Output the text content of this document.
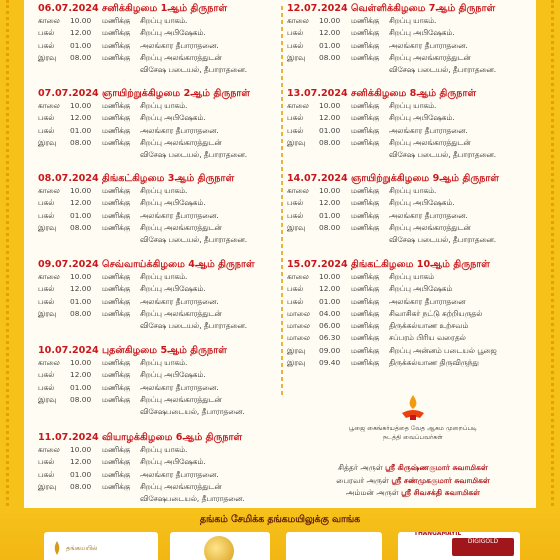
06.07.2024 சனிக்கிழமை 1ஆம் திருநாள்
காலை	10.00	மணிக்கு	சிறப்பு யாகம்.
பகல்	12.00	மணிக்கு	சிறப்பு அபிஷேகம்.
பகல்	01.00	மணிக்கு	அலங்கார தீபாராதனை.
இரவு	08.00	மணிக்கு	சிறப்பு அலங்காரத்துடன்
விசேஷ படையல், தீபாராதனை.
07.07.2024 ஞாயிற்றுக்கிழமை 2ஆம் திருநாள்
காலை	10.00	மணிக்கு	சிறப்பு யாகம்.
பகல்	12.00	மணிக்கு	சிறப்பு அபிஷேகம்.
பகல்	01.00	மணிக்கு	அலங்கார தீபாராதனை.
இரவு	08.00	மணிக்கு	சிறப்பு அலங்காரத்துடன்
விசேஷ படையல், தீபாராதனை.
08.07.2024 திங்கட்கிழமை 3ஆம் திருநாள்
காலை	10.00	மணிக்கு	சிறப்பு யாகம்.
பகல்	12.00	மணிக்கு	சிறப்பு அபிஷேகம்.
பகல்	01.00	மணிக்கு	அலங்கார தீபாராதனை.
இரவு	08.00	மணிக்கு	சிறப்பு அலங்காரத்துடன்
விசேஷ படையல், தீபாராதனை.
09.07.2024 செவ்வாய்க்கிழமை 4ஆம் திருநாள்
காலை	10.00	மணிக்கு	சிறப்பு யாகம்.
பகல்	12.00	மணிக்கு	சிறப்பு அபிஷேகம்.
பகல்	01.00	மணிக்கு	அலங்கார தீபாராதனை.
இரவு	08.00	மணிக்கு	சிறப்பு அலங்காரத்துடன்
விசேஷ படையல், தீபாராதனை.
10.07.2024 புதன்கிழமை 5ஆம் திருநாள்
காலை	10.00	மணிக்கு	சிறப்பு யாகம்.
பகல்	12.00	மணிக்கு	சிறப்பு அபிஷேகம்.
பகல்	01.00	மணிக்கு	அலங்கார தீபாராதனை.
இரவு	08.00	மணிக்கு	சிறப்பு அலங்காரத்துடன்
விசேஷபடையல், தீபாராதனை.
11.07.2024 வியாழக்கிழமை 6ஆம் திருநாள்
காலை	10.00	மணிக்கு	சிறப்பு யாகம்.
பகல்	12.00	மணிக்கு	சிறப்பு அபிஷேகம்.
பகல்	01.00	மணிக்கு	அலங்கார தீபாராதனை.
இரவு	08.00	மணிக்கு	சிறப்பு அலங்காரத்துடன்
விசேஷபடையல், தீபாராதனை.
12.07.2024 வெள்ளிக்கிழமை 7ஆம் திருநாள்
காலை	10.00	மணிக்கு	சிறப்பு யாகம்.
பகல்	12.00	மணிக்கு	சிறப்பு அபிஷேகம்.
பகல்	01.00	மணிக்கு	அலங்கார தீபாராதனை.
இரவு	08.00	மணிக்கு	சிறப்பு அலங்காரத்துடன்
விசேஷ படையல், தீபாராதனை.
13.07.2024 சனிக்கிழமை 8ஆம் திருநாள்
காலை	10.00	மணிக்கு	சிறப்பு யாகம்.
பகல்	12.00	மணிக்கு	சிறப்பு அபிஷேகம்.
பகல்	01.00	மணிக்கு	அலங்கார தீபாராதனை.
இரவு	08.00	மணிக்கு	சிறப்பு அலங்காரத்துடன்
விசேஷ படையல், தீபாராதனை.
14.07.2024 ஞாயிற்றுக்கிழமை 9ஆம் திருநாள்
காலை	10.00	மணிக்கு	சிறப்பு யாகம்.
பகல்	12.00	மணிக்கு	சிறப்பு அபிஷேகம்.
பகல்	01.00	மணிக்கு	அலங்கார தீபாராதனை.
இரவு	08.00	மணிக்கு	சிறப்பு அலங்காரத்துடன்
விசேஷ படையல், தீபாராதனை.
15.07.2024 திங்கட்கிழமை 10ஆம் திருநாள்
காலை	10.00	மணிக்கு	சிறப்பு யாகம்
பகல்	12.00	மணிக்கு	சிறப்பு அபிஷேகம்
பகல்	01.00	மணிக்கு	அலங்கார தீபாராதனை
மாலை	04.00	மணிக்கு	சிவாசிகர் நட்டு சுற்றியருதல்
மாலை	06.00	மணிக்கு	திருக்கல்யாண உற்சவம்
மாலை	06.30	மணிக்கு	சப்பரம் பிரிய வரைதல்
இரவு	09.00	மணிக்கு	சிறப்பு அன்னம் படையல் பூஜை
இரவு	09.40	மணிக்கு	திருக்கல்யாண திருவிருந்து
பூஜை கைங்கர்யத்தை வேத ஆகம முறைப்படி
நடத்தி வைப்பவர்கள்
சித்தர் அருள் ஸ்ரீ கிருஷ்ணகுமார் சுவாமிகள்
பைரவர் அருள் ஸ்ரீ சண்முககுமார் சுவாமிகள்
அம்மன் அருள் ஸ்ரீ சிவசக்தி சுவாமிகள்
தங்கம் சேமிக்க தங்கமயிலுக்கு வாங்க
தங்கமயில்
THANGAMAYIL
DIGIGOLD
